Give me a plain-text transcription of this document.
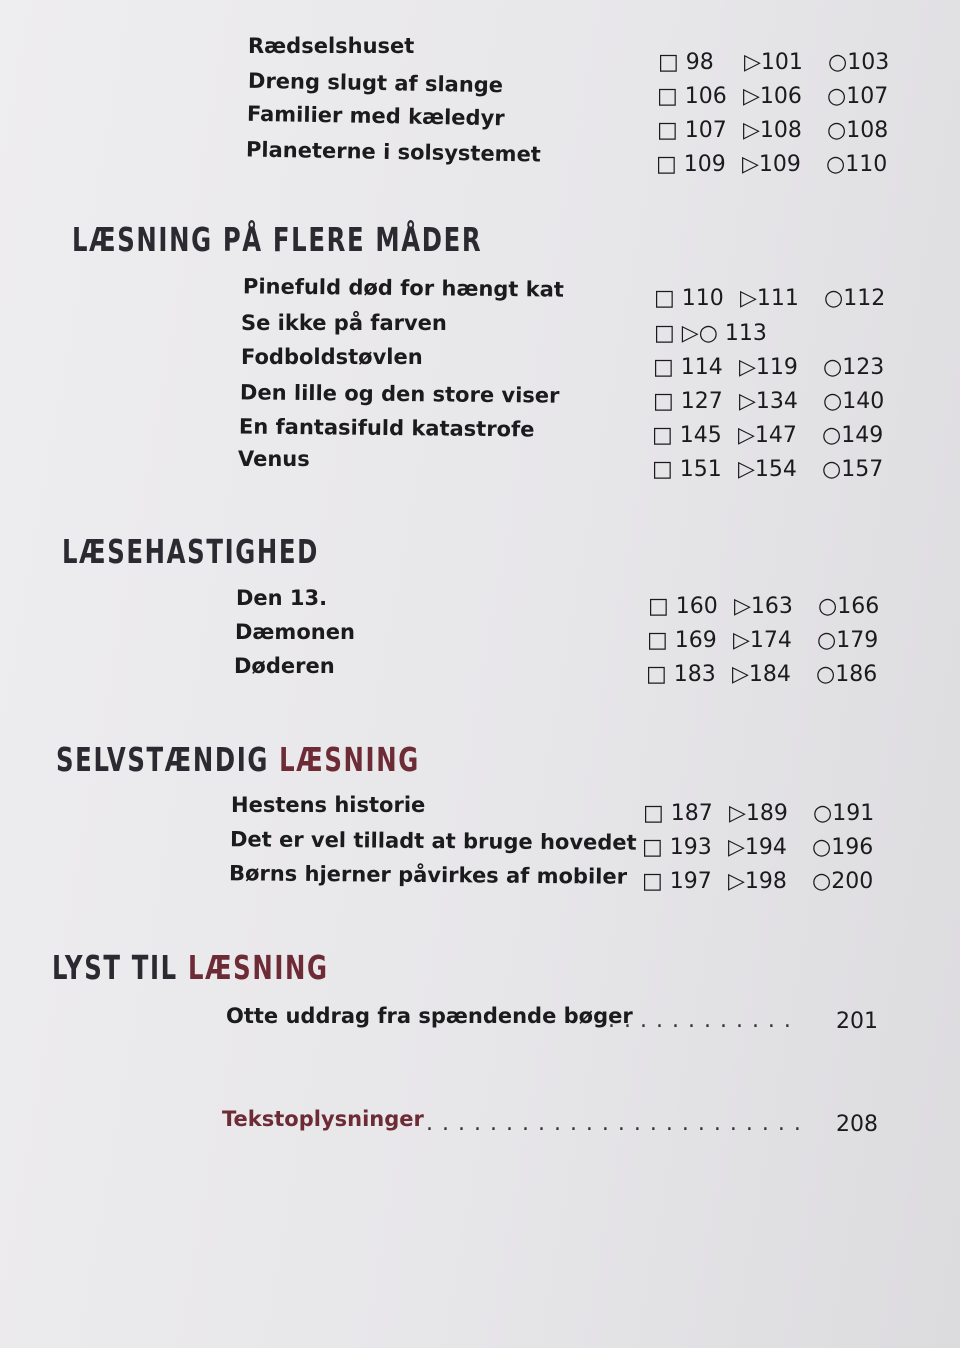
Rædselshuset
Dreng slugt af slange
Familier med kæledyr
Planeterne i solsystemet
□ 98 ▷101 ○103
□ 106 ▷106 ○107
□ 107 ▷108 ○108
□ 109 ▷109 ○110
LÆSNING PÅ FLERE MÅDER
Pinefuld død for hængt kat
Se ikke på farven
Fodboldstøvlen
Den lille og den store viser
En fantasifuld katastrofe
Venus
□ 110 ▷111 ○112
□ ▷○ 113
□ 114 ▷119 ○123
□ 127 ▷134 ○140
□ 145 ▷147 ○149
□ 151 ▷154 ○157
LÆSEHASTIGHED
Den 13.
Dæmonen
Døderen
□ 160 ▷163 ○166
□ 169 ▷174 ○179
□ 183 ▷184 ○186
SELVSTÆNDIG LÆSNING
Hestens historie
Det er vel tilladt at bruge hovedet
Børns hjerner påvirkes af mobiler
□ 187 ▷189 ○191
□ 193 ▷194 ○196
□ 197 ▷198 ○200
LYST TIL LÆSNING
Otte uddrag fra spændende bøger
............ 201
Tekstoplysninger ........................ 208
